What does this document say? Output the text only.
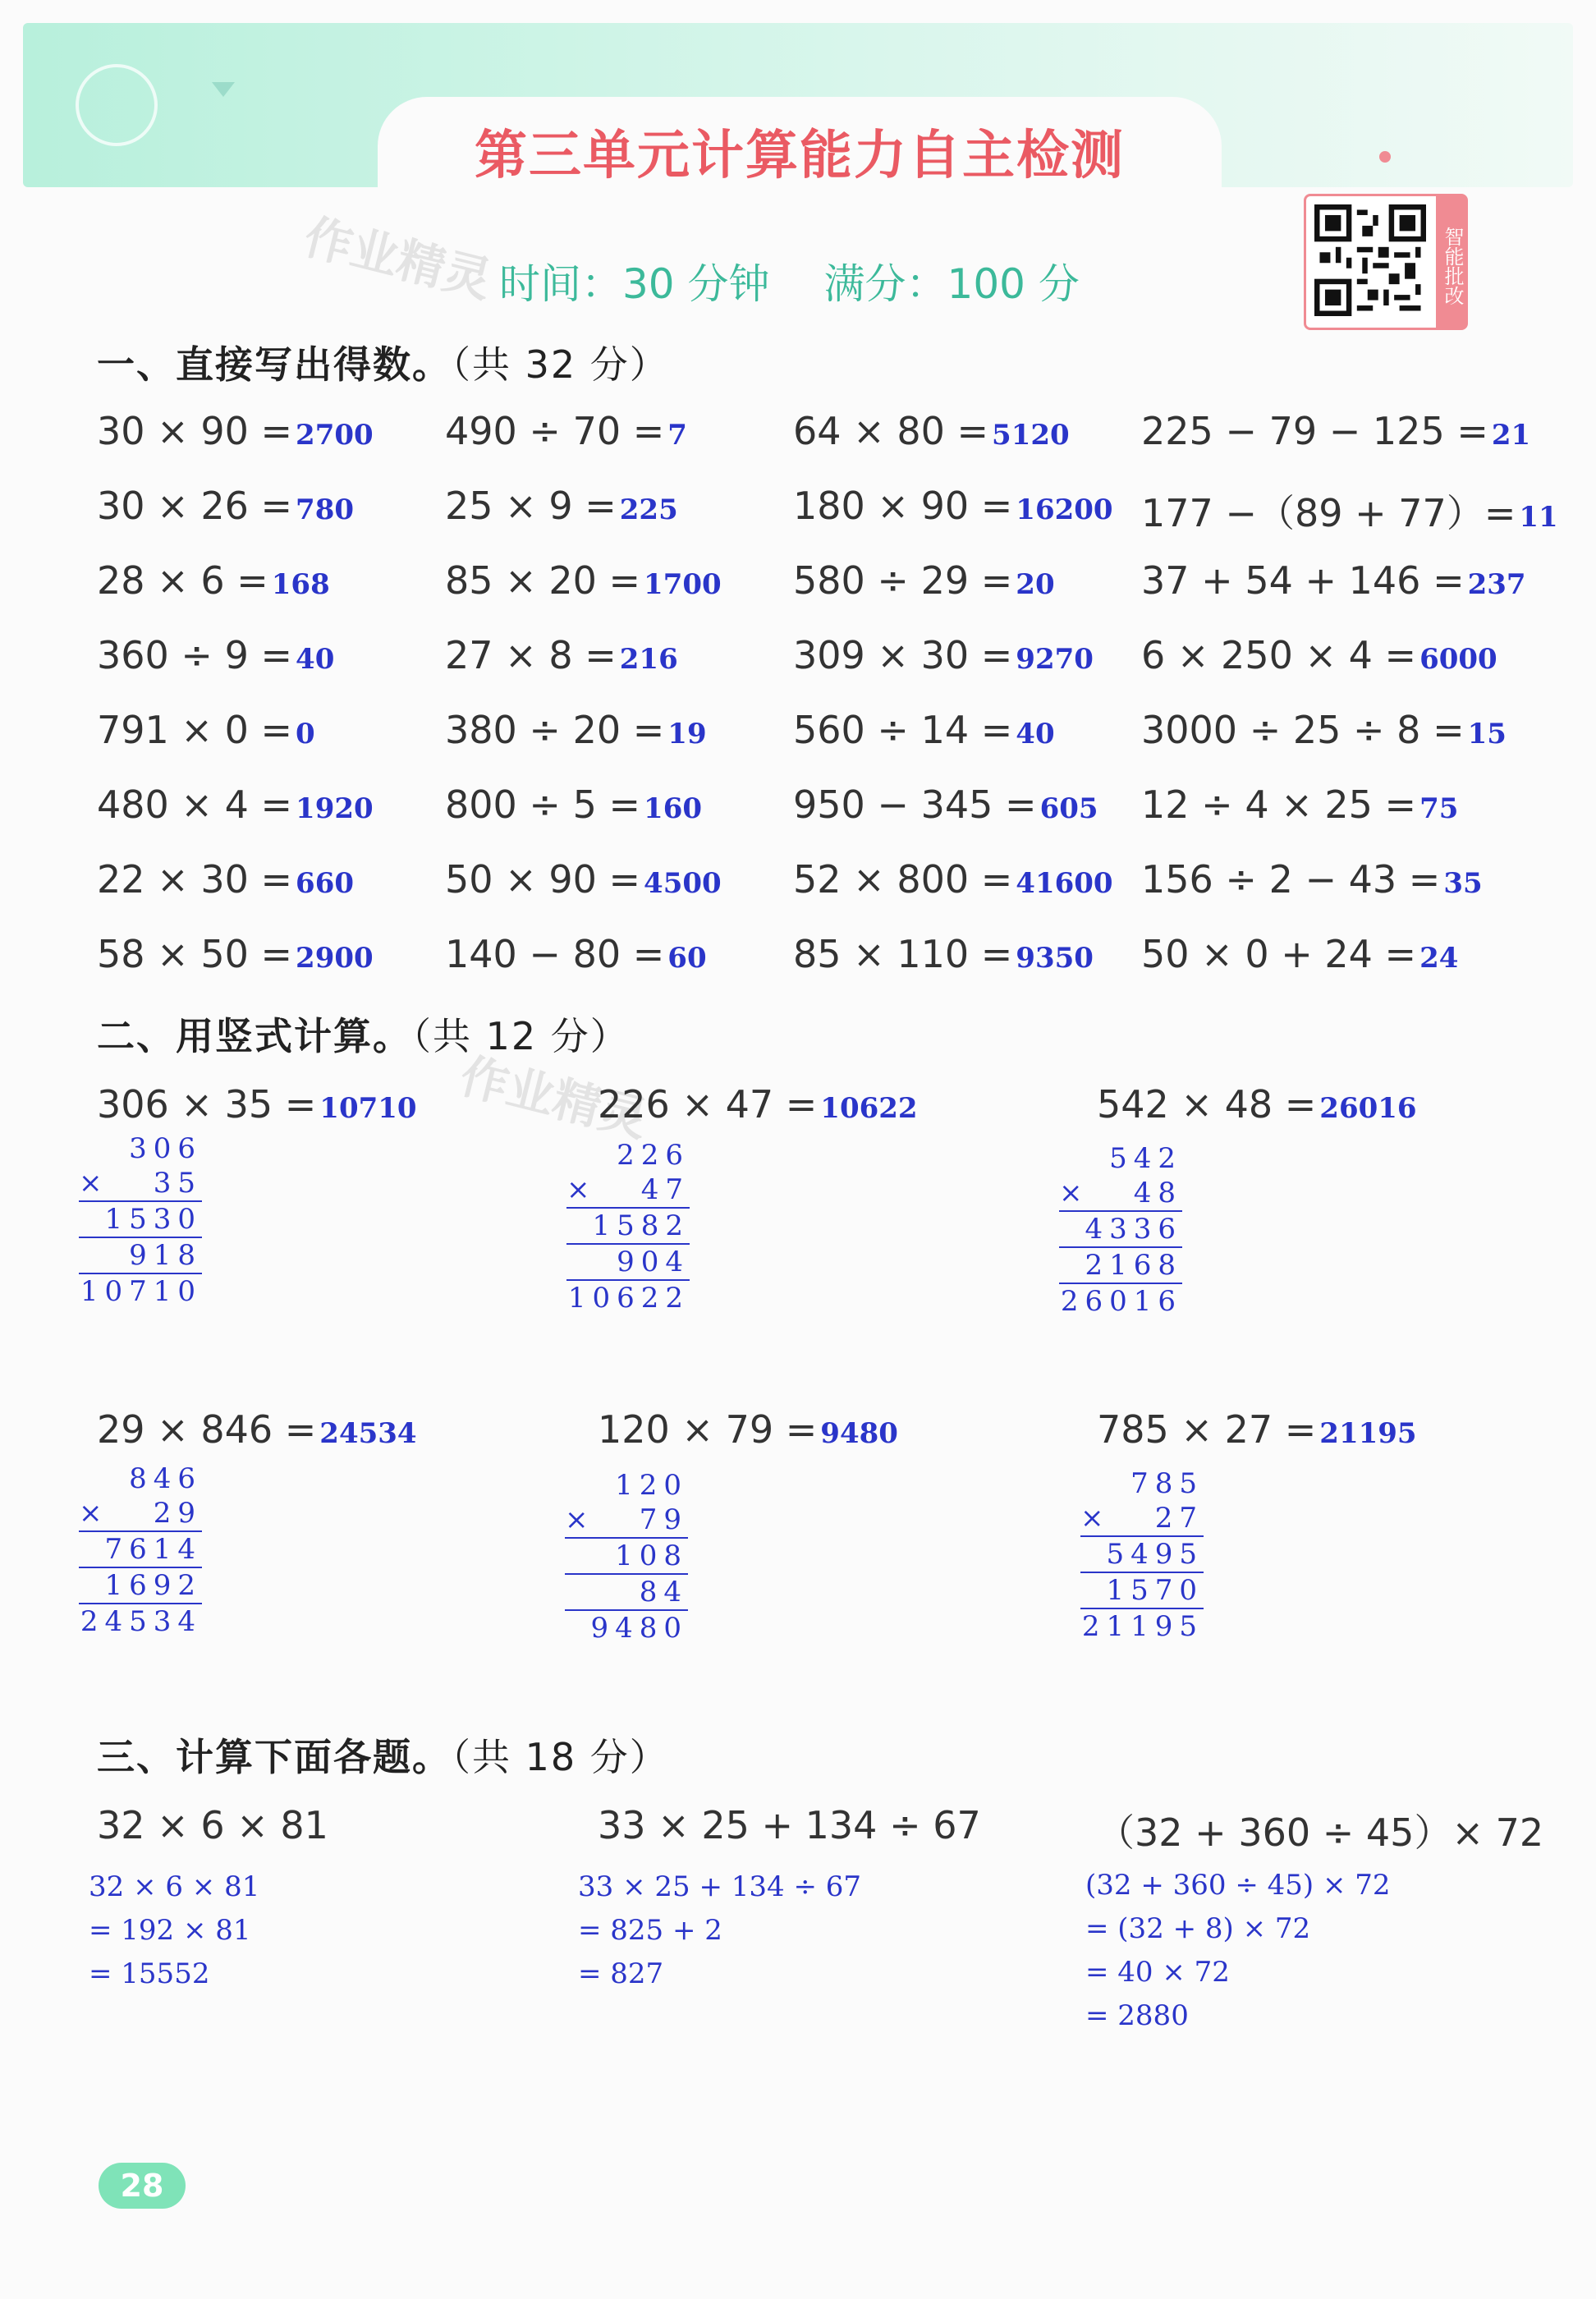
第三单元计算能力自主检测
作业精灵
作业精灵
时间：30 分钟 满分：100 分	智能批改
一、直接写出得数。（共 32 分）
30 × 90 = 2700 490 ÷ 70 = 7	64 × 80 = 5120 225 − 79 − 125 = 21
30 × 26 = 780 25 × 9 = 225	180 × 90 = 16200 177 −（89 + 77）= 11
28 × 6 = 168	85 × 20 = 1700 580 ÷ 29 = 20 37 + 54 + 146 = 237
360 ÷ 9 = 40	27 × 8 = 216	309 × 30 = 9270 6 × 250 × 4 = 6000
791 × 0 = 0	380 ÷ 20 = 19 560 ÷ 14 = 40 3000 ÷ 25 ÷ 8 = 15
480 × 4 = 1920 800 ÷ 5 = 160 950 − 345 = 605 12 ÷ 4 × 25 = 75
22 × 30 = 660 50 × 90 = 4500 52 × 800 = 41600 156 ÷ 2 − 43 = 35
58 × 50 = 2900 140 − 80 = 60 85 × 110 = 9350 50 × 0 + 24 = 24
二、用竖式计算。（共 12 分）
306 × 35 = 10710
306
× 35
1530
918
10710
226 × 47 = 10622
226
× 47
1582
904
10622
542 × 48 = 26016
542
× 48
4336
2168
26016
29 × 846 = 24534
846
× 29
7614
1692
24534
120 × 79 = 9480
120
× 79
108
84
9480
785 × 27 = 21195
785
× 27
5495
1570
21195
三、计算下面各题。（共 18 分）
32 × 6 × 81
32 × 6 × 81
= 192 × 81
= 15552
33 × 25 + 134 ÷ 67
33 × 25 + 134 ÷ 67
= 825 + 2
= 827
（32 + 360 ÷ 45）× 72
(32 + 360 ÷ 45) × 72
= (32 + 8) × 72
= 40 × 72
= 2880
28
